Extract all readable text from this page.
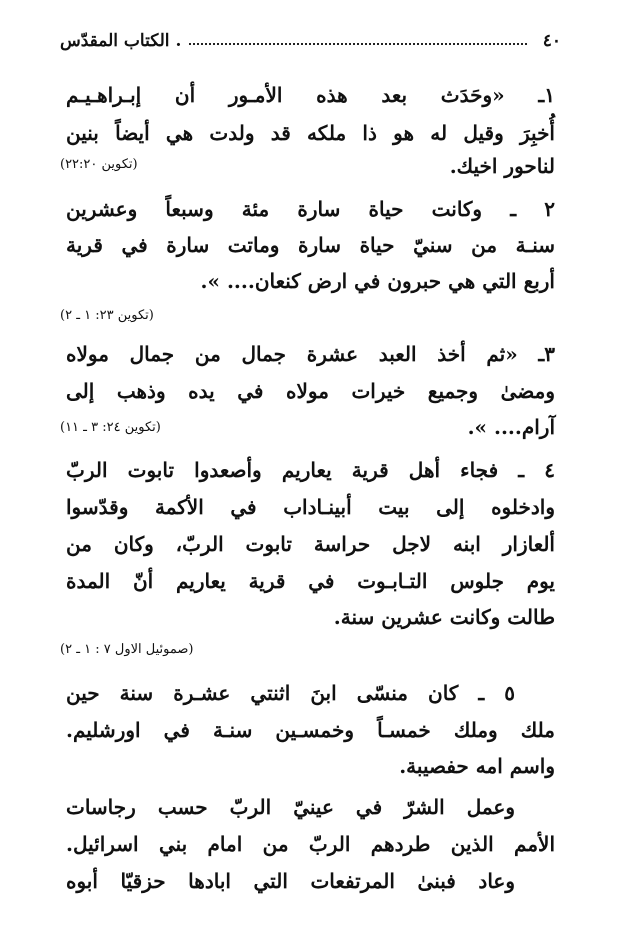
٤٠
. الكتاب المقدّس
١ـ «وحَدَث بعد هذه الأمـور أن إبـراهـيـم
أُخبِرَ وقيل له هو ذا ملكه قد ولدت هي أيضاً بنين
لناحور اخيك.
(تكوين ٢٢:٢٠)
٢ ـ وكانت حياة سارة مئة وسبعاً وعشرين
سنـة من سنيّ حياة سارة وماتت سارة في قرية
أربع التي هي حبرون في ارض كنعان.... ».
(تكوين ٢٣: ١ ـ ٢)
٣ـ «ثم أخذ العبد عشرة جمال من جمال مولاه
ومضىٰ وجميع خيرات مولاه في يده وذهب إلى
آرام.... ».
(تكوين ٢٤: ٣ ـ ١١)
٤ ـ فجاء أهل قرية يعاريم وأصعدوا تابوت الربّ
وادخلوه إلى بيت أبينـاداب في الأكمة وقدّسوا
ألعازار ابنه لاجل حراسة تابوت الربّ، وكان من
يوم جلوس التـابـوت في قرية يعاريم أنّ المدة
طالت وكانت عشرين سنة.
(صموئيل الاول ٧ : ١ ـ ٢)
٥ ـ كان منسّى ابنَ اثنتي عشـرة سنة حين
ملك وملك خمسـاً وخمسـين سنـة في اورشليم.
واسم امه حفصيبة.
وعمل الشرّ في عينيّ الربّ حسب رجاسات
الأمم الذين طردهم الربّ من امام بني اسرائيل.
وعاد فبنىٰ المرتفعات التي ابادها حزقيّا أبوه
